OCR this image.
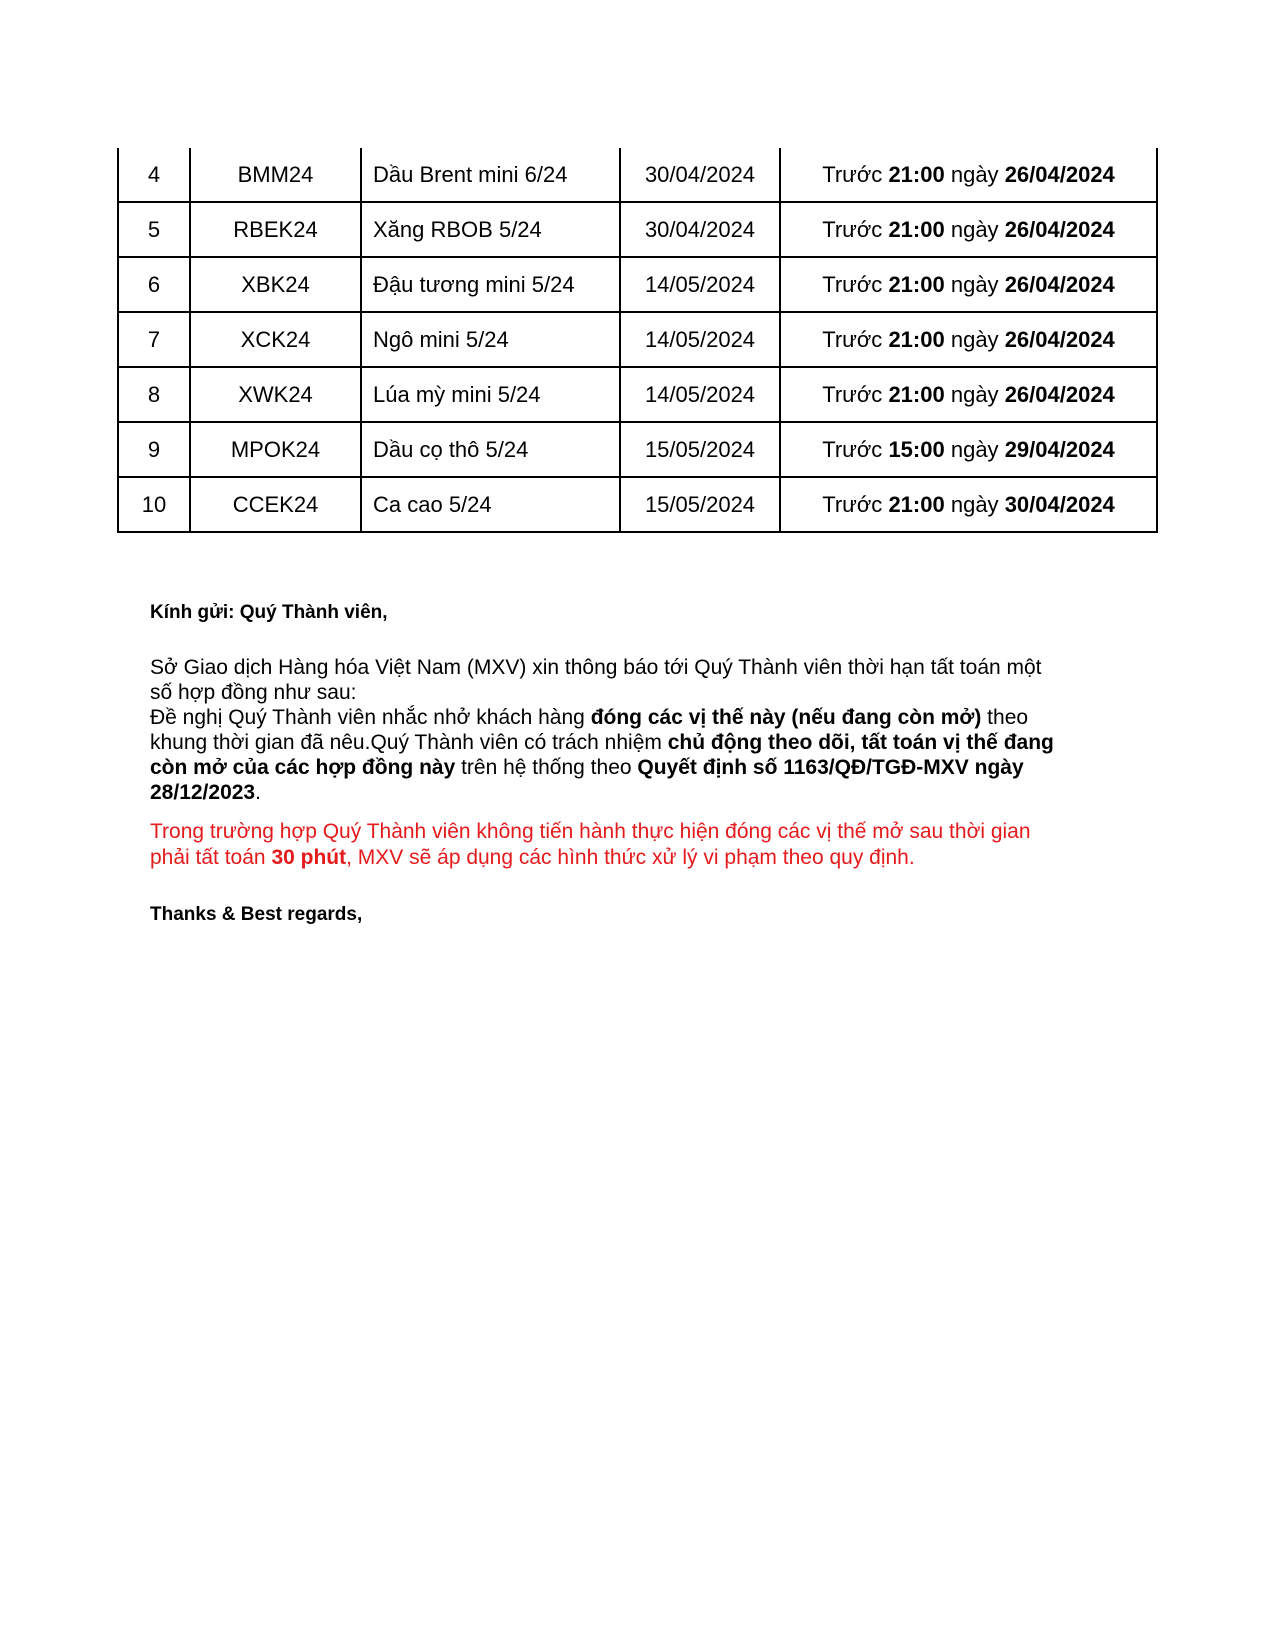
4	BMM24	Dầu Brent mini 6/24	30/04/2024	Trước 21:00 ngày 26/04/2024
5	RBEK24	Xăng RBOB 5/24	30/04/2024	Trước 21:00 ngày 26/04/2024
6	XBK24	Đậu tương mini 5/24	14/05/2024	Trước 21:00 ngày 26/04/2024
7	XCK24	Ngô mini 5/24	14/05/2024	Trước 21:00 ngày 26/04/2024
8	XWK24	Lúa mỳ mini 5/24	14/05/2024	Trước 21:00 ngày 26/04/2024
9	MPOK24	Dầu cọ thô 5/24	15/05/2024	Trước 15:00 ngày 29/04/2024
10	CCEK24	Ca cao 5/24	15/05/2024	Trước 21:00 ngày 30/04/2024

Kính gửi: Quý Thành viên,

Sở Giao dịch Hàng hóa Việt Nam (MXV) xin thông báo tới Quý Thành viên thời hạn tất toán một
số hợp đồng như sau:
Đề nghị Quý Thành viên nhắc nhở khách hàng đóng các vị thế này (nếu đang còn mở) theo
khung thời gian đã nêu.Quý Thành viên có trách nhiệm chủ động theo dõi, tất toán vị thế đang
còn mở của các hợp đồng này trên hệ thống theo Quyết định số 1163/QĐ/TGĐ-MXV ngày
28/12/2023.

Trong trường hợp Quý Thành viên không tiến hành thực hiện đóng các vị thế mở sau thời gian
phải tất toán 30 phút, MXV sẽ áp dụng các hình thức xử lý vi phạm theo quy định.

Thanks & Best regards,
